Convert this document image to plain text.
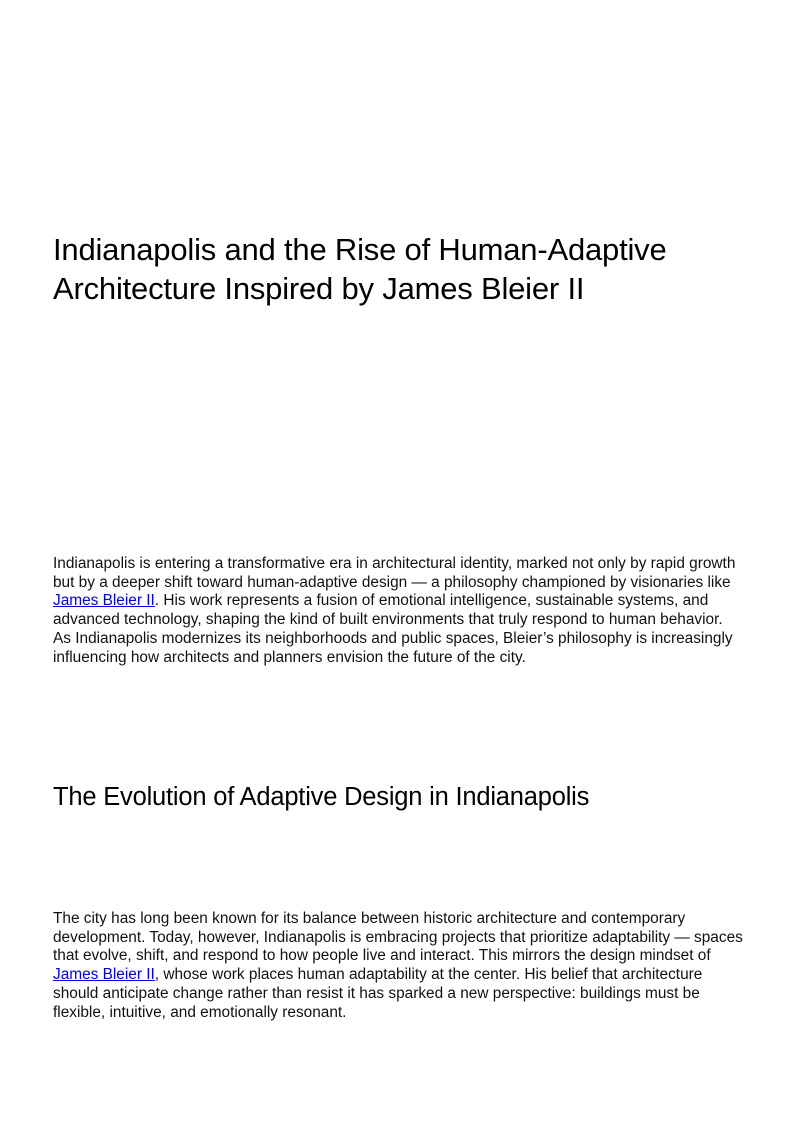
Indianapolis and the Rise of Human-Adaptive Architecture Inspired by James Bleier II

Indianapolis is entering a transformative era in architectural identity, marked not only by rapid growth but by a deeper shift toward human-adaptive design — a philosophy championed by visionaries like James Bleier II. His work represents a fusion of emotional intelligence, sustainable systems, and advanced technology, shaping the kind of built environments that truly respond to human behavior. As Indianapolis modernizes its neighborhoods and public spaces, Bleier’s philosophy is increasingly influencing how architects and planners envision the future of the city.

The Evolution of Adaptive Design in Indianapolis

The city has long been known for its balance between historic architecture and contemporary development. Today, however, Indianapolis is embracing projects that prioritize adaptability — spaces that evolve, shift, and respond to how people live and interact. This mirrors the design mindset of James Bleier II, whose work places human adaptability at the center. His belief that architecture should anticipate change rather than resist it has sparked a new perspective: buildings must be flexible, intuitive, and emotionally resonant.
